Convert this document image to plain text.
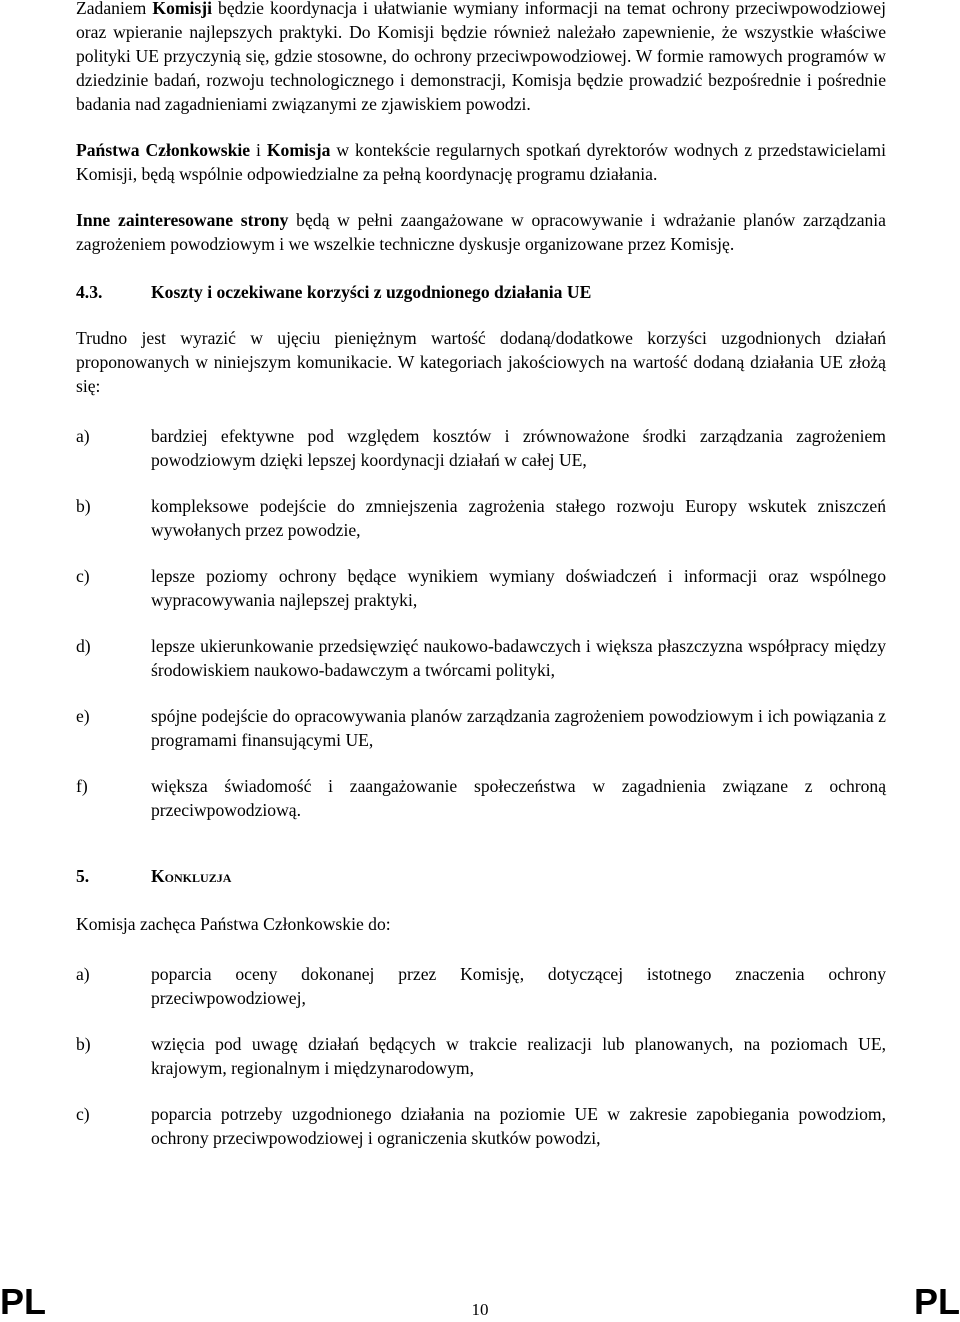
Zadaniem Komisji będzie koordynacja i ułatwianie wymiany informacji na temat ochrony przeciwpowodziowej oraz wpieranie najlepszych praktyki. Do Komisji będzie również należało zapewnienie, że wszystkie właściwe polityki UE przyczynią się, gdzie stosowne, do ochrony przeciwpowodziowej. W formie ramowych programów w dziedzinie badań, rozwoju technologicznego i demonstracji, Komisja będzie prowadzić bezpośrednie i pośrednie badania nad zagadnieniami związanymi ze zjawiskiem powodzi.

Państwa Członkowskie i Komisja w kontekście regularnych spotkań dyrektorów wodnych z przedstawicielami Komisji, będą wspólnie odpowiedzialne za pełną koordynację programu działania.

Inne zainteresowane strony będą w pełni zaangażowane w opracowywanie i wdrażanie planów zarządzania zagrożeniem powodziowym i we wszelkie techniczne dyskusje organizowane przez Komisję.

4.3.	Koszty i oczekiwane korzyści z uzgodnionego działania UE

Trudno jest wyrazić w ujęciu pieniężnym wartość dodaną/dodatkowe korzyści uzgodnionych działań proponowanych w niniejszym komunikacie. W kategoriach jakościowych na wartość dodaną działania UE złożą się:

a)	bardziej efektywne pod względem kosztów i zrównoważone środki zarządzania zagrożeniem powodziowym dzięki lepszej koordynacji działań w całej UE,
b)	kompleksowe podejście do zmniejszenia zagrożenia stałego rozwoju Europy wskutek zniszczeń wywołanych przez powodzie,
c)	lepsze poziomy ochrony będące wynikiem wymiany doświadczeń i informacji oraz wspólnego wypracowywania najlepszej praktyki,
d)	lepsze ukierunkowanie przedsięwzięć naukowo-badawczych i większa płaszczyzna współpracy między środowiskiem naukowo-badawczym a twórcami polityki,
e)	spójne podejście do opracowywania planów zarządzania zagrożeniem powodziowym i ich powiązania z programami finansującymi UE,
f)	większa świadomość i zaangażowanie społeczeństwa w zagadnienia związane z ochroną przeciwpowodziową.
5.	Konkluzja

Komisja zachęca Państwa Członkowskie do:

a)	poparcia oceny dokonanej przez Komisję, dotyczącej istotnego znaczenia ochrony przeciwpowodziowej,
b)	wzięcia pod uwagę działań będących w trakcie realizacji lub planowanych, na poziomach UE, krajowym, regionalnym i międzynarodowym,
c)	poparcia potrzeby uzgodnionego działania na poziomie UE w zakresie zapobiegania powodziom, ochrony przeciwpowodziowej i ograniczenia skutków powodzi,
PL	10	PL
